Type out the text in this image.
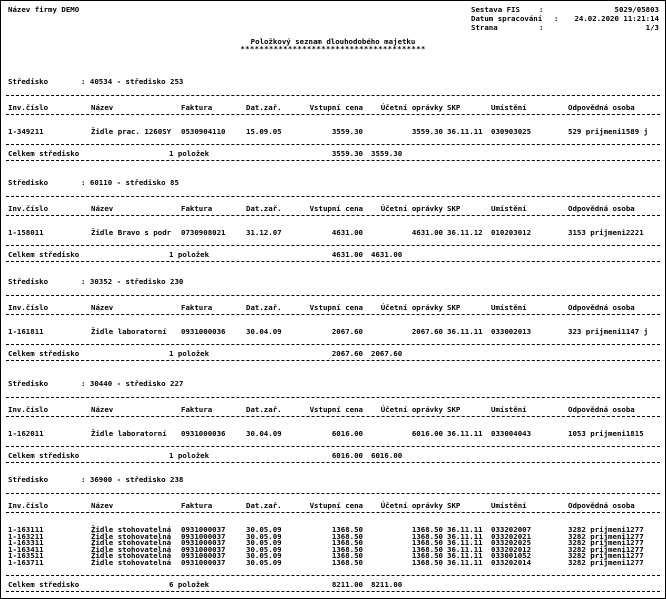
Název firmy DEMO	Sestava FIS	:	5029/05803
Datum spracování :	24.02.2020 11:21:14
Strana	:	1/3
Položkový seznam dlouhodobého majetku
***************************************
Středisko	: 40534 - středisko 253
Inv.číslo	Název	Faktura	Dat.zař.	Vstupní cena	Účetní oprávky SKP	Umístění	Odpovědná osoba
1-349211	Židle prac. 1260SY	0530904110	15.09.05	3559.30	3559.30 36.11.11	030903025	529 prijmeni1589 j
Celkem středisko	1 položek	3559.30 3559.30
Středisko	: 60110 - středisko 85
Inv.číslo	Název	Faktura	Dat.zař.	Vstupní cena	Účetní oprávky SKP	Umístění	Odpovědná osoba
1-158011	Židle Bravo s podr	0730908021	31.12.07	4631.00	4631.00 36.11.12	010203012	3153 prijmeni2221
Celkem středisko	1 položek	4631.00 4631.00
Středisko	: 30352 - středisko 230
Inv.číslo	Název	Faktura	Dat.zař.	Vstupní cena	Účetní oprávky SKP	Umístění	Odpovědná osoba
1-161811	Židle laboratorní	0931000036	30.04.09	2067.60	2067.60 36.11.11	033002013	323 prijmeni1147 j
Celkem středisko	1 položek	2067.60 2067.60
Středisko	: 30440 - středisko 227
Inv.číslo	Název	Faktura	Dat.zař.	Vstupní cena	Účetní oprávky SKP	Umístění	Odpovědná osoba
1-162011	Židle laboratorní	0931000036	30.04.09	6016.00	6016.00 36.11.11	033004043	1053 prijmeni1815
Celkem středisko	1 položek	6016.00 6016.00
Středisko	: 36900 - středisko 238
Inv.číslo	Název	Faktura	Dat.zař.	Vstupní cena	Účetní oprávky SKP	Umístění	Odpovědná osoba
1-163111	Židle stohovatelná	0931000037	30.05.09	1368.50	1368.50 36.11.11	033202007	3282 prijmeni1277
1-163211	Židle stohovatelná	0931000037	30.05.09	1368.50	1368.50 36.11.11	033202021	3282 prijmeni1277
1-163311	Židle stohovatelná	0931000037	30.05.09	1368.50	1368.50 36.11.11	033202025	3282 prijmeni1277
1-163411	Židle stohovatelná	0931000037	30.05.09	1368.50	1368.50 36.11.11	033202012	3282 prijmeni1277
1-163511	Židle stohovatelná	0931000037	30.05.09	1368.50	1368.50 36.11.11	033001052	3282 prijmeni1277
1-163711	Židle stohovatelná	0931000037	30.05.09	1368.50	1368.50 36.11.11	033202014	3282 prijmeni1277
Celkem středisko	6 položek	8211.00 8211.00
